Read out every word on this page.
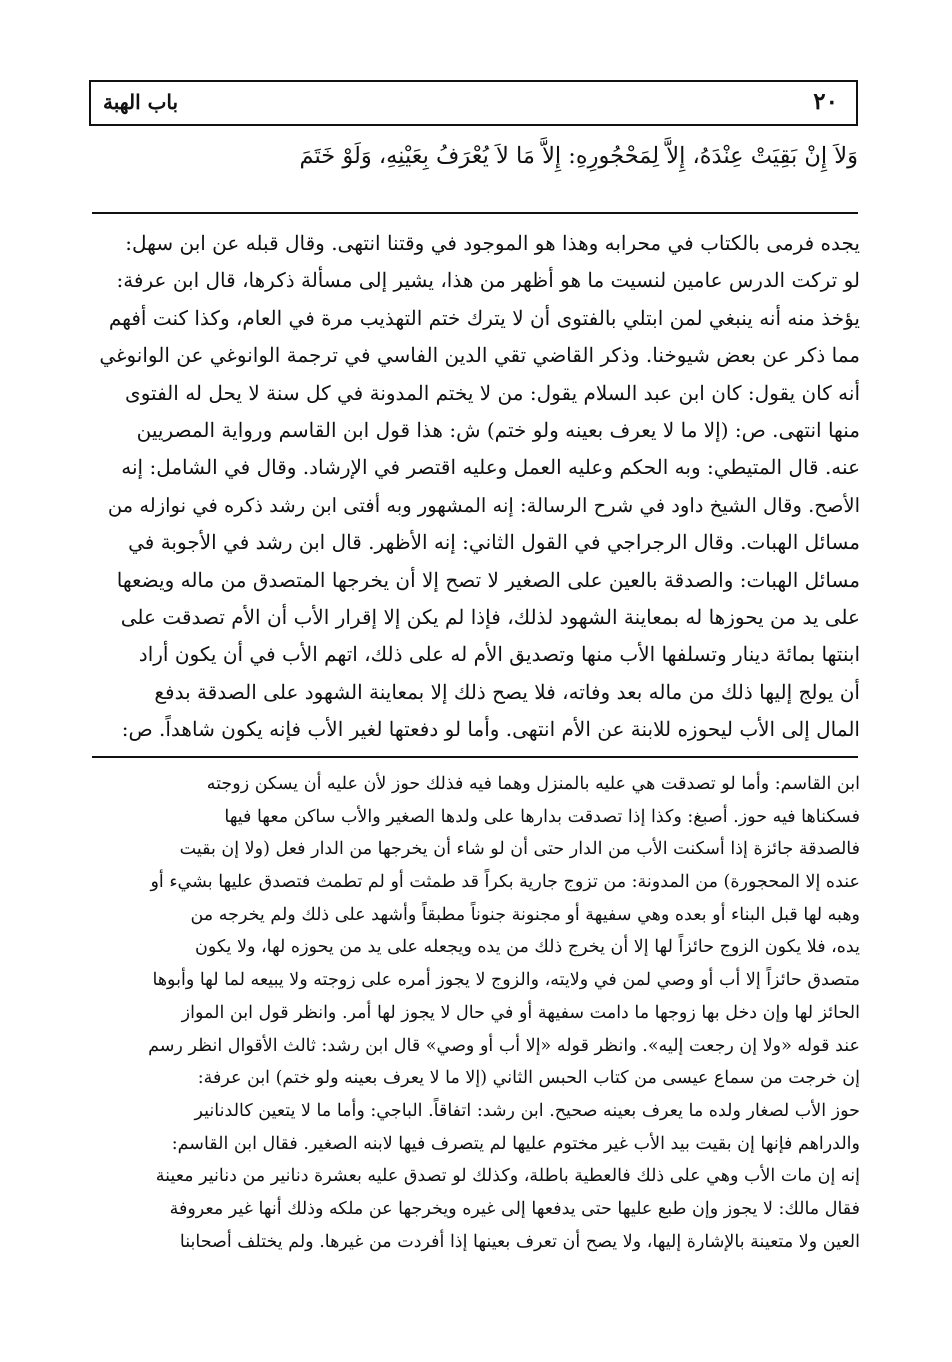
٢٠
باب الهبة
وَلاَ إِنْ بَقِيَتْ عِنْدَهُ، إِلاَّ لِمَحْجُورِهِ: إِلاَّ مَا لاَ يُعْرَفُ بِعَيْنِهِ، وَلَوْ خَتَمَ
يجده فرمى بالكتاب في محرابه وهذا هو الموجود في وقتنا انتهى. وقال قبله عن ابن سهل:
لو تركت الدرس عامين لنسيت ما هو أظهر من هذا، يشير إلى مسألة ذكرها، قال ابن عرفة:
يؤخذ منه أنه ينبغي لمن ابتلي بالفتوى أن لا يترك ختم التهذيب مرة في العام، وكذا كنت أفهم
مما ذكر عن بعض شيوخنا. وذكر القاضي تقي الدين الفاسي في ترجمة الوانوغي عن الوانوغي
أنه كان يقول: كان ابن عبد السلام يقول: من لا يختم المدونة في كل سنة لا يحل له الفتوى
منها انتهى. ص: (إلا ما لا يعرف بعينه ولو ختم) ش: هذا قول ابن القاسم ورواية المصريين
عنه. قال المتيطي: وبه الحكم وعليه العمل وعليه اقتصر في الإرشاد. وقال في الشامل: إنه
الأصح. وقال الشيخ داود في شرح الرسالة: إنه المشهور وبه أفتى ابن رشد ذكره في نوازله من
مسائل الهبات. وقال الرجراجي في القول الثاني: إنه الأظهر. قال ابن رشد في الأجوبة في
مسائل الهبات: والصدقة بالعين على الصغير لا تصح إلا أن يخرجها المتصدق من ماله ويضعها
على يد من يحوزها له بمعاينة الشهود لذلك، فإذا لم يكن إلا إقرار الأب أن الأم تصدقت على
ابنتها بمائة دينار وتسلفها الأب منها وتصديق الأم له على ذلك، اتهم الأب في أن يكون أراد
أن يولج إليها ذلك من ماله بعد وفاته، فلا يصح ذلك إلا بمعاينة الشهود على الصدقة بدفع
المال إلى الأب ليحوزه للابنة عن الأم انتهى. وأما لو دفعتها لغير الأب فإنه يكون شاهداً. ص:
ابن القاسم: وأما لو تصدقت هي عليه بالمنزل وهما فيه فذلك حوز لأن عليه أن يسكن زوجته
فسكناها فيه حوز. أصبغ: وكذا إذا تصدقت بدارها على ولدها الصغير والأب ساكن معها فيها
فالصدقة جائزة إذا أسكنت الأب من الدار حتى أن لو شاء أن يخرجها من الدار فعل (ولا إن بقيت
عنده إلا المحجورة) من المدونة: من تزوج جارية بكراً قد طمثت أو لم تطمث فتصدق عليها بشيء أو
وهبه لها قبل البناء أو بعده وهي سفيهة أو مجنونة جنوناً مطبقاً وأشهد على ذلك ولم يخرجه من
يده، فلا يكون الزوج حائزاً لها إلا أن يخرج ذلك من يده ويجعله على يد من يحوزه لها، ولا يكون
متصدق حائزاً إلا أب أو وصي لمن في ولايته، والزوج لا يجوز أمره على زوجته ولا يبيعه لما لها وأبوها
الحائز لها وإن دخل بها زوجها ما دامت سفيهة أو في حال لا يجوز لها أمر. وانظر قول ابن المواز
عند قوله «ولا إن رجعت إليه». وانظر قوله «إلا أب أو وصي» قال ابن رشد: ثالث الأقوال انظر رسم
إن خرجت من سماع عيسى من كتاب الحبس الثاني (إلا ما لا يعرف بعينه ولو ختم) ابن عرفة:
حوز الأب لصغار ولده ما يعرف بعينه صحيح. ابن رشد: اتفاقاً. الباجي: وأما ما لا يتعين كالدنانير
والدراهم فإنها إن بقيت بيد الأب غير مختوم عليها لم يتصرف فيها لابنه الصغير. فقال ابن القاسم:
إنه إن مات الأب وهي على ذلك فالعطية باطلة، وكذلك لو تصدق عليه بعشرة دنانير من دنانير معينة
فقال مالك: لا يجوز وإن طبع عليها حتى يدفعها إلى غيره ويخرجها عن ملكه وذلك أنها غير معروفة
العين ولا متعينة بالإشارة إليها، ولا يصح أن تعرف بعينها إذا أفردت من غيرها. ولم يختلف أصحابنا
